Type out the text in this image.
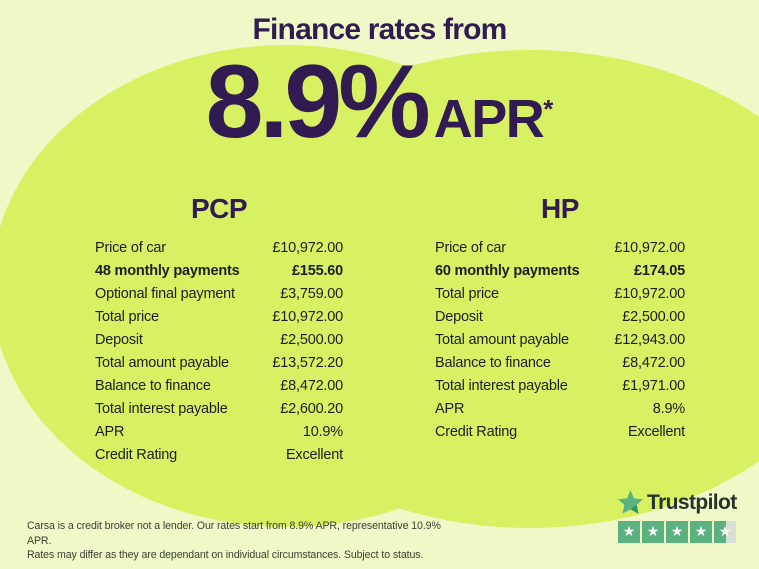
Finance rates from
8.9% APR*
PCP
Price of car	£10,972.00
48 monthly payments	£155.60
Optional final payment	£3,759.00
Total price	£10,972.00
Deposit	£2,500.00
Total amount payable	£13,572.20
Balance to finance	£8,472.00
Total interest payable	£2,600.20
APR	10.9%
Credit Rating	Excellent
HP
Price of car	£10,972.00
60 monthly payments	£174.05
Total price	£10,972.00
Deposit	£2,500.00
Total amount payable	£12,943.00
Balance to finance	£8,472.00
Total interest payable	£1,971.00
APR	8.9%
Credit Rating	Excellent
Carsa is a credit broker not a lender. Our rates start from 8.9% APR, representative 10.9% APR.
Rates may differ as they are dependant on individual circumstances. Subject to status.
Trustpilot
★ ★ ★ ★ ★
